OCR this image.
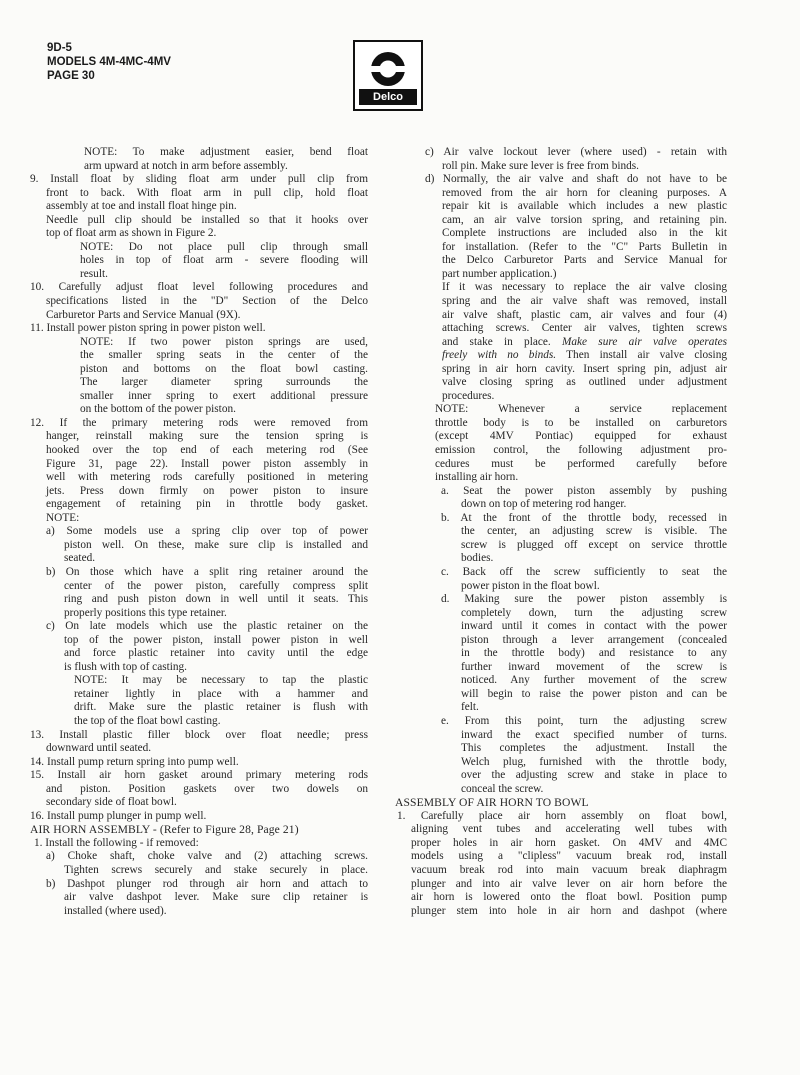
9D-5
MODELS 4M-4MC-4MV
PAGE 30
Delco
NOTE: To make adjustment easier, bend float
arm upward at notch in arm before assembly.
9. Install float by sliding float arm under pull clip from
front to back. With float arm in pull clip, hold float
assembly at toe and install float hinge pin.
Needle pull clip should be installed so that it hooks over
top of float arm as shown in Figure 2.
NOTE: Do not place pull clip through small
holes in top of float arm - severe flooding will
result.
10. Carefully adjust float level following procedures and
specifications listed in the "D" Section of the Delco
Carburetor Parts and Service Manual (9X).
11. Install power piston spring in power piston well.
NOTE: If two power piston springs are used,
the smaller spring seats in the center of the
piston and bottoms on the float bowl casting.
The larger diameter spring surrounds the
smaller inner spring to exert additional pressure
on the bottom of the power piston.
12. If the primary metering rods were removed from
hanger, reinstall making sure the tension spring is
hooked over the top end of each metering rod (See
Figure 31, page 22). Install power piston assembly in
well with metering rods carefully positioned in metering
jets. Press down firmly on power piston to insure
engagement of retaining pin in throttle body gasket.
NOTE:
a) Some models use a spring clip over top of power
piston well. On these, make sure clip is installed and
seated.
b) On those which have a split ring retainer around the
center of the power piston, carefully compress split
ring and push piston down in well until it seats. This
properly positions this type retainer.
c) On late models which use the plastic retainer on the
top of the power piston, install power piston in well
and force plastic retainer into cavity until the edge
is flush with top of casting.
NOTE: It may be necessary to tap the plastic
retainer lightly in place with a hammer and
drift. Make sure the plastic retainer is flush with
the top of the float bowl casting.
13. Install plastic filler block over float needle; press
downward until seated.
14. Install pump return spring into pump well.
15. Install air horn gasket around primary metering rods
and piston. Position gaskets over two dowels on
secondary side of float bowl.
16. Install pump plunger in pump well.
AIR HORN ASSEMBLY - (Refer to Figure 28, Page 21)
1. Install the following - if removed:
a) Choke shaft, choke valve and (2) attaching screws.
Tighten screws securely and stake securely in place.
b) Dashpot plunger rod through air horn and attach to
air valve dashpot lever. Make sure clip retainer is
installed (where used).
c) Air valve lockout lever (where used) - retain with
roll pin. Make sure lever is free from binds.
d) Normally, the air valve and shaft do not have to be
removed from the air horn for cleaning purposes. A
repair kit is available which includes a new plastic
cam, an air valve torsion spring, and retaining pin.
Complete instructions are included also in the kit
for installation. (Refer to the "C" Parts Bulletin in
the Delco Carburetor Parts and Service Manual for
part number application.)
If it was necessary to replace the air valve closing
spring and the air valve shaft was removed, install
air valve shaft, plastic cam, air valves and four (4)
attaching screws. Center air valves, tighten screws
and stake in place. Make sure air valve operates
freely with no binds. Then install air valve closing
spring in air horn cavity. Insert spring pin, adjust air
valve closing spring as outlined under adjustment
procedures.
NOTE: Whenever a service replacement
throttle body is to be installed on carburetors
(except 4MV Pontiac) equipped for exhaust
emission control, the following adjustment pro-
cedures must be performed carefully before
installing air horn.
a. Seat the power piston assembly by pushing
down on top of metering rod hanger.
b. At the front of the throttle body, recessed in
the center, an adjusting screw is visible. The
screw is plugged off except on service throttle
bodies.
c. Back off the screw sufficiently to seat the
power piston in the float bowl.
d. Making sure the power piston assembly is
completely down, turn the adjusting screw
inward until it comes in contact with the power
piston through a lever arrangement (concealed
in the throttle body) and resistance to any
further inward movement of the screw is
noticed. Any further movement of the screw
will begin to raise the power piston and can be
felt.
e. From this point, turn the adjusting screw
inward the exact specified number of turns.
This completes the adjustment. Install the
Welch plug, furnished with the throttle body,
over the adjusting screw and stake in place to
conceal the screw.
ASSEMBLY OF AIR HORN TO BOWL
1. Carefully place air horn assembly on float bowl,
aligning vent tubes and accelerating well tubes with
proper holes in air horn gasket. On 4MV and 4MC
models using a "clipless" vacuum break rod, install
vacuum break rod into main vacuum break diaphragm
plunger and into air valve lever on air horn before the
air horn is lowered onto the float bowl. Position pump
plunger stem into hole in air horn and dashpot (where
